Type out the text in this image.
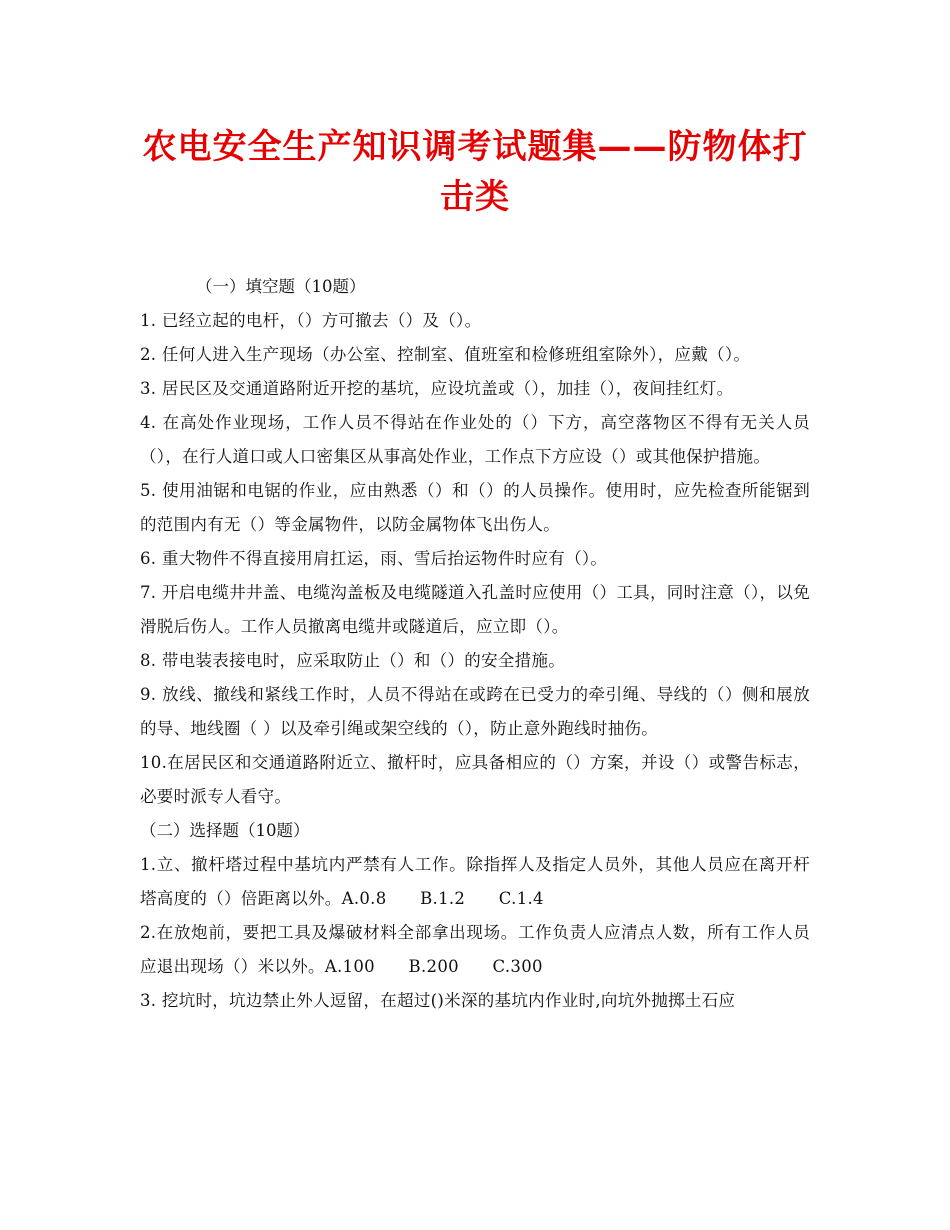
农电安全生产知识调考试题集——防物体打击类

（一）填空题（10题）

1. 已经立起的电杆，（）方可撤去（）及（）。

2. 任何人进入生产现场（办公室、控制室、值班室和检修班组室除外），应戴（）。

3. 居民区及交通道路附近开挖的基坑，应设坑盖或（），加挂（），夜间挂红灯。

4. 在高处作业现场，工作人员不得站在作业处的（）下方，高空落物区不得有无关人员（），在行人道口或人口密集区从事高处作业，工作点下方应设（）或其他保护措施。

5. 使用油锯和电锯的作业，应由熟悉（）和（）的人员操作。使用时，应先检查所能锯到的范围内有无（）等金属物件，以防金属物体飞出伤人。

6. 重大物件不得直接用肩扛运，雨、雪后抬运物件时应有（）。

7. 开启电缆井井盖、电缆沟盖板及电缆隧道入孔盖时应使用（）工具，同时注意（），以免滑脱后伤人。工作人员撤离电缆井或隧道后，应立即（）。

8. 带电装表接电时，应采取防止（）和（）的安全措施。

9. 放线、撤线和紧线工作时，人员不得站在或跨在已受力的牵引绳、导线的（）侧和展放的导、地线圈（ ）以及牵引绳或架空线的（），防止意外跑线时抽伤。

10.在居民区和交通道路附近立、撤杆时，应具备相应的（）方案，并设（）或警告标志，必要时派专人看守。

（二）选择题（10题）

1.立、撤杆塔过程中基坑内严禁有人工作。除指挥人及指定人员外，其他人员应在离开杆塔高度的（）倍距离以外。A.0.8　　B.1.2　　C.1.4

2.在放炮前，要把工具及爆破材料全部拿出现场。工作负责人应清点人数，所有工作人员应退出现场（）米以外。A.100　　B.200　　C.300

3. 挖坑时，坑边禁止外人逗留，在超过()米深的基坑内作业时,向坑外抛掷土石应
